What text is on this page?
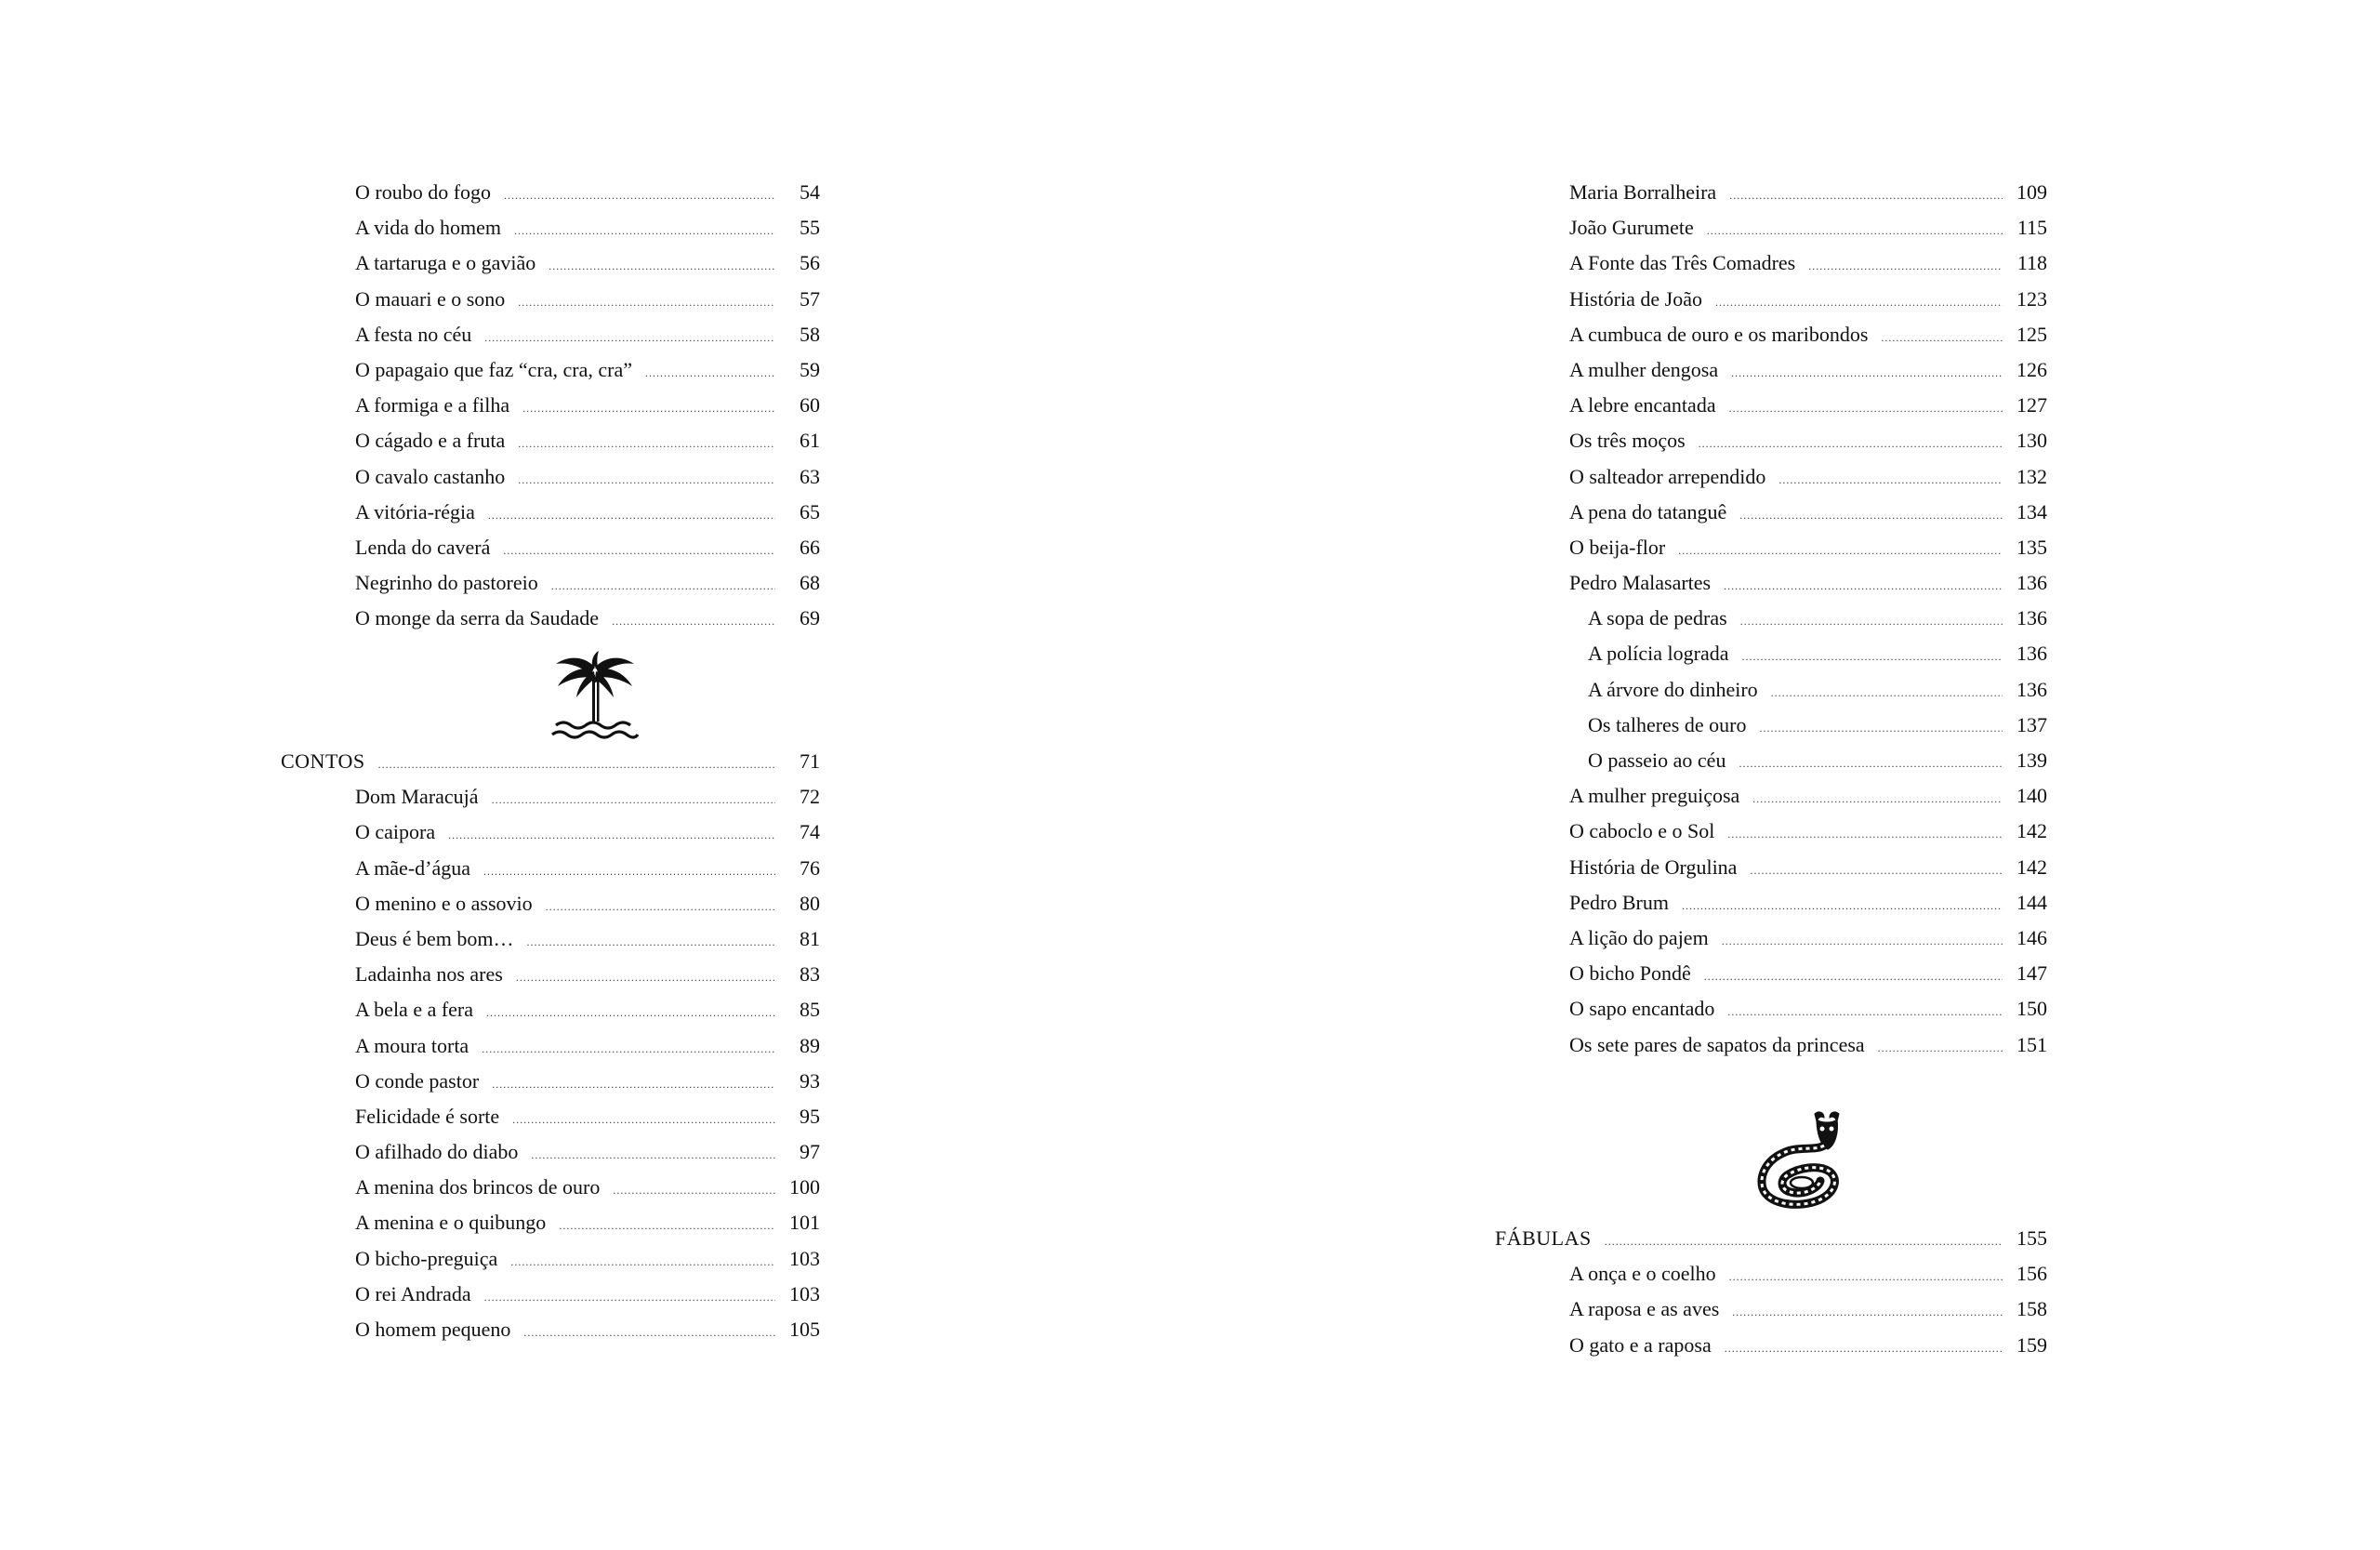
O roubo do fogo .....	54
A vida do homem .....	55
A tartaruga e o gavião .....	56
O mauari e o sono .....	57
A festa no céu .....	58
O papagaio que faz “cra, cra, cra” .....	59
A formiga e a filha .....	60
O cágado e a fruta .....	61
O cavalo castanho .....	63
A vitória-régia .....	65
Lenda do caverá .....	66
Negrinho do pastoreio .....	68
O monge da serra da Saudade .....	69
CONTOS .....	71
Dom Maracujá .....	72
O caipora .....	74
A mãe-d’água .....	76
O menino e o assovio .....	80
Deus é bem bom… .....	81
Ladainha nos ares .....	83
A bela e a fera .....	85
A moura torta .....	89
O conde pastor .....	93
Felicidade é sorte .....	95
O afilhado do diabo .....	97
A menina dos brincos de ouro .....	100
A menina e o quibungo .....	101
O bicho-preguiça .....	103
O rei Andrada .....	103
O homem pequeno .....	105
Maria Borralheira .....	109
João Gurumete .....	115
A Fonte das Três Comadres .....	118
História de João .....	123
A cumbuca de ouro e os maribondos .....	125
A mulher dengosa .....	126
A lebre encantada .....	127
Os três moços .....	130
O salteador arrependido .....	132
A pena do tatanguê .....	134
O beija-flor .....	135
Pedro Malasartes .....	136
A sopa de pedras .....	136
A polícia lograda .....	136
A árvore do dinheiro .....	136
Os talheres de ouro .....	137
O passeio ao céu .....	139
A mulher preguiçosa .....	140
O caboclo e o Sol .....	142
História de Orgulina .....	142
Pedro Brum .....	144
A lição do pajem .....	146
O bicho Pondê .....	147
O sapo encantado .....	150
Os sete pares de sapatos da princesa .....	151
FÁBULAS .....	155
A onça e o coelho .....	156
A raposa e as aves .....	158
O gato e a raposa .....	159
